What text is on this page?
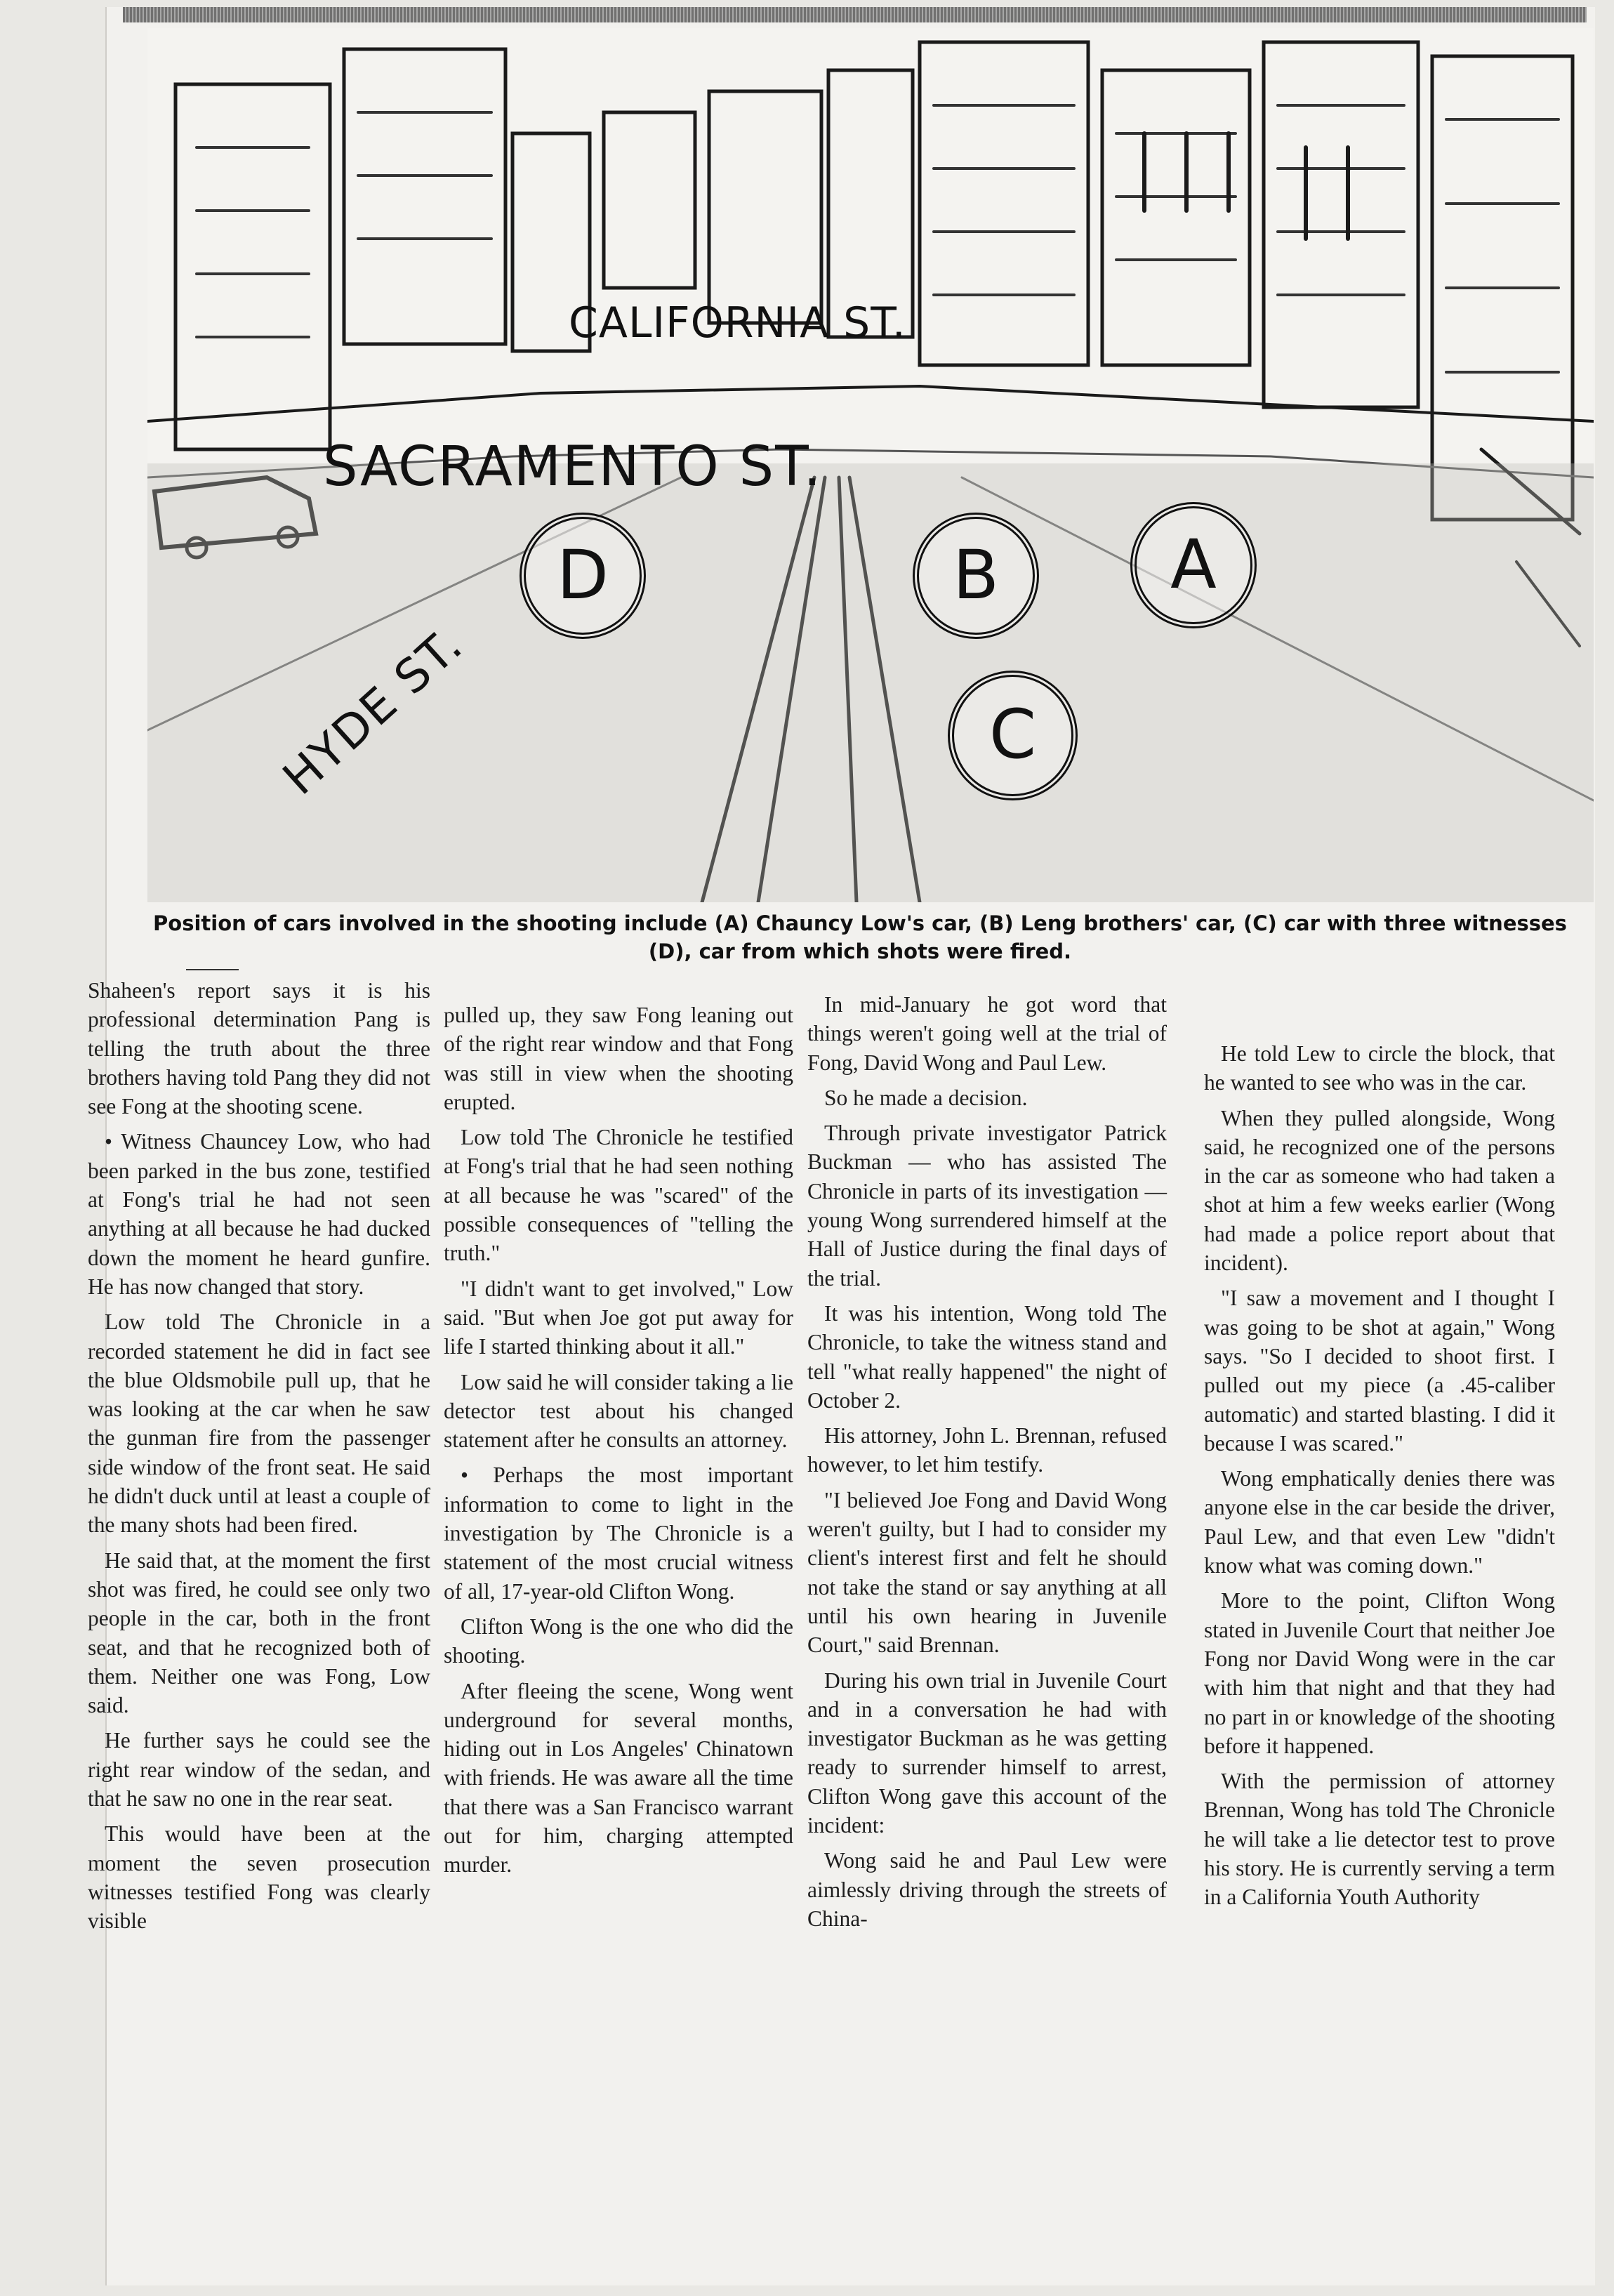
CALIFORNIA ST.
SACRAMENTO ST.
HYDE ST.
D	B	A
C
Position of cars involved in the shooting include (A) Chauncy Low's car, (B) Leng brothers' car, (C) car with three witnesses (D), car from which shots were fired.

Shaheen's report says it is his professional determination Pang is telling the truth about the three brothers having told Pang they did not see Fong at the shooting scene.

• Witness Chauncey Low, who had been parked in the bus zone, testified at Fong's trial he had not seen anything at all because he had ducked down the moment he heard gunfire. He has now changed that story.

Low told The Chronicle in a recorded statement he did in fact see the blue Oldsmobile pull up, that he was looking at the car when he saw the gunman fire from the passenger side window of the front seat. He said he didn't duck until at least a couple of the many shots had been fired.

He said that, at the moment the first shot was fired, he could see only two people in the car, both in the front seat, and that he recognized both of them. Neither one was Fong, Low said.

He further says he could see the right rear window of the sedan, and that he saw no one in the rear seat.

This would have been at the moment the seven prosecution witnesses testified Fong was clearly visible

pulled up, they saw Fong leaning out of the right rear window and that Fong was still in view when the shooting erupted.

Low told The Chronicle he testified at Fong's trial that he had seen nothing at all because he was "scared" of the possible consequences of "telling the truth."

"I didn't want to get involved," Low said. "But when Joe got put away for life I started thinking about it all."

Low said he will consider taking a lie detector test about his changed statement after he consults an attorney.

• Perhaps the most important information to come to light in the investigation by The Chronicle is a statement of the most crucial witness of all, 17-year-old Clifton Wong.

Clifton Wong is the one who did the shooting.

After fleeing the scene, Wong went underground for several months, hiding out in Los Angeles' Chinatown with friends. He was aware all the time that there was a San Francisco warrant out for him, charging attempted murder.

In mid-January he got word that things weren't going well at the trial of Fong, David Wong and Paul Lew.

So he made a decision.

Through private investigator Patrick Buckman — who has assisted The Chronicle in parts of its investigation — young Wong surrendered himself at the Hall of Justice during the final days of the trial.

It was his intention, Wong told The Chronicle, to take the witness stand and tell "what really happened" the night of October 2.

His attorney, John L. Brennan, refused however, to let him testify.

"I believed Joe Fong and David Wong weren't guilty, but I had to consider my client's interest first and felt he should not take the stand or say anything at all until his own hearing in Juvenile Court," said Brennan.

During his own trial in Juvenile Court and in a conversation he had with investigator Buckman as he was getting ready to surrender himself to arrest, Clifton Wong gave this account of the incident:

Wong said he and Paul Lew were aimlessly driving through the streets of China-

He told Lew to circle the block, that he wanted to see who was in the car.

When they pulled alongside, Wong said, he recognized one of the persons in the car as someone who had taken a shot at him a few weeks earlier (Wong had made a police report about that incident).

"I saw a movement and I thought I was going to be shot at again," Wong says. "So I decided to shoot first. I pulled out my piece (a .45-caliber automatic) and started blasting. I did it because I was scared."

Wong emphatically denies there was anyone else in the car beside the driver, Paul Lew, and that even Lew "didn't know what was coming down."

More to the point, Clifton Wong stated in Juvenile Court that neither Joe Fong nor David Wong were in the car with him that night and that they had no part in or knowledge of the shooting before it happened.

With the permission of attorney Brennan, Wong has told The Chronicle he will take a lie detector test to prove his story. He is currently serving a term in a California Youth Authority
